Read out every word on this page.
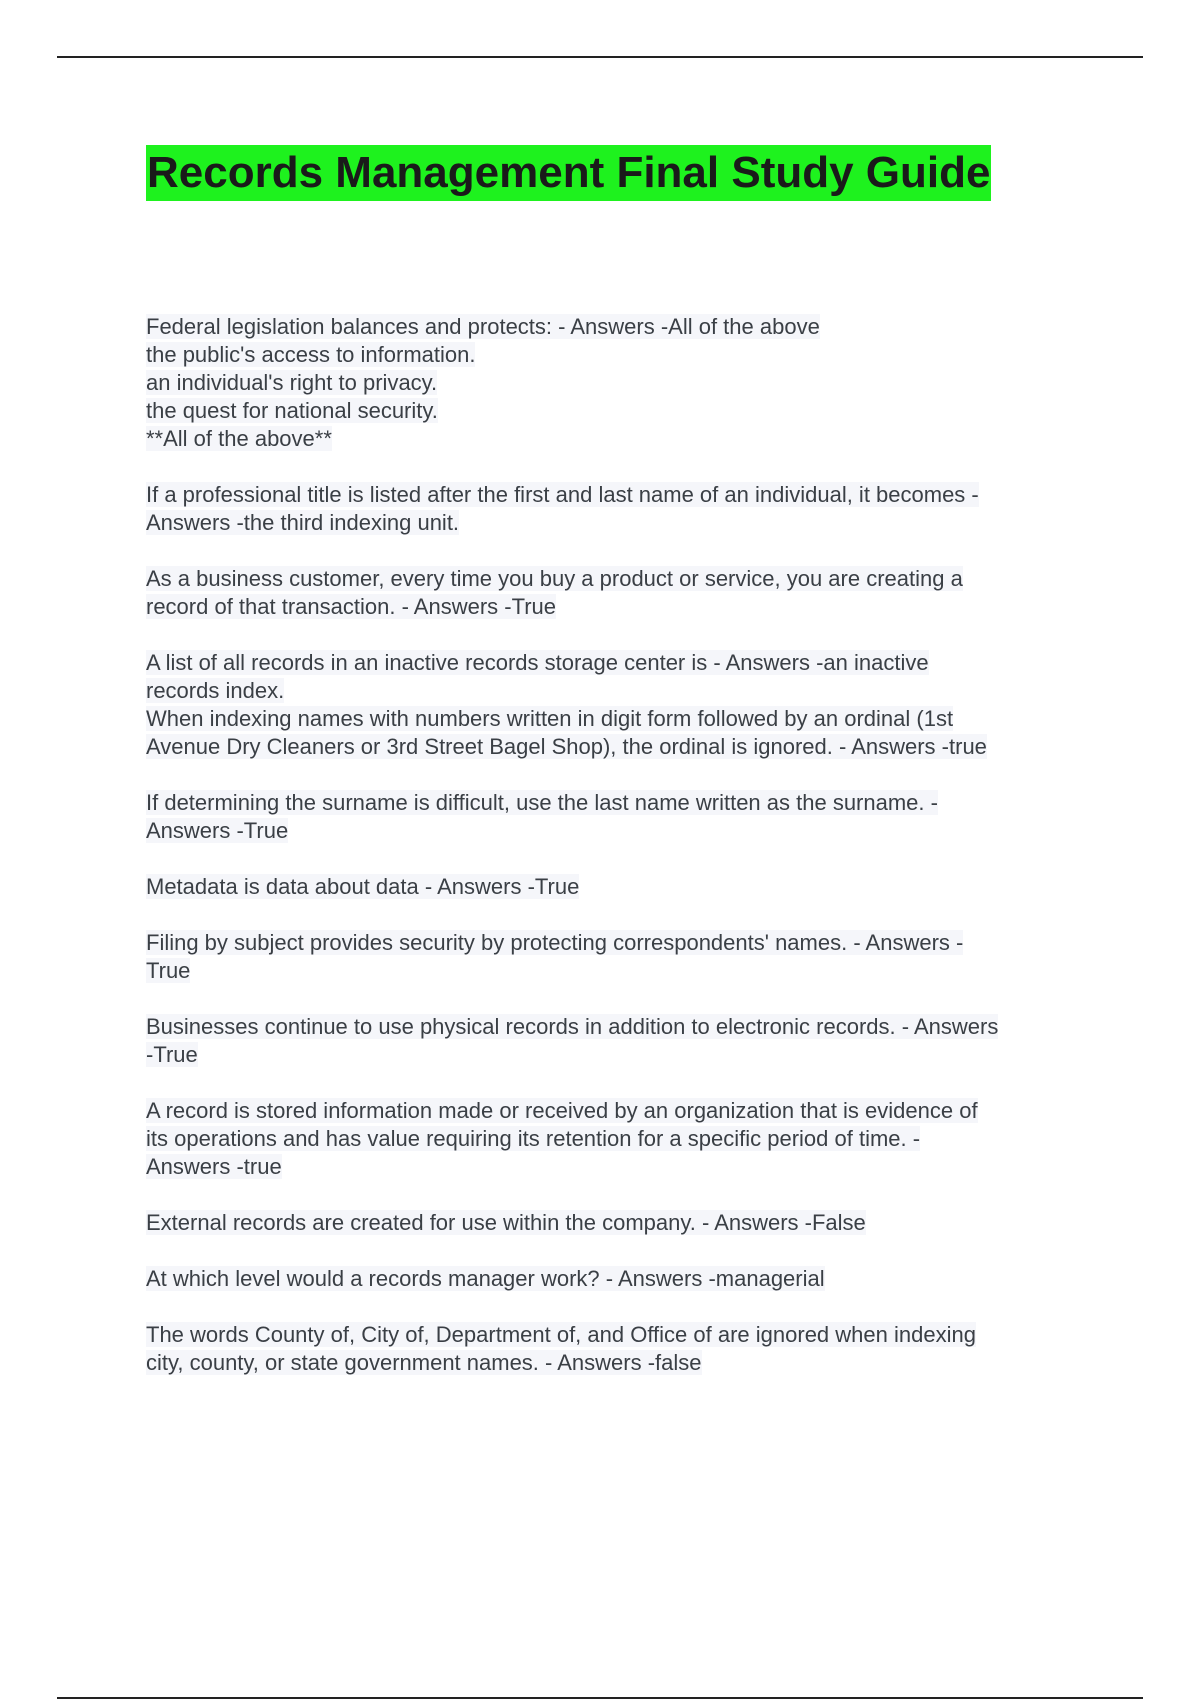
Records Management Final Study Guide
Federal legislation balances and protects: - Answers -All of the above
the public's access to information.
an individual's right to privacy.
the quest for national security.
**All of the above**
If a professional title is listed after the first and last name of an individual, it becomes -
Answers -the third indexing unit.
As a business customer, every time you buy a product or service, you are creating a
record of that transaction. - Answers -True
A list of all records in an inactive records storage center is - Answers -an inactive
records index.
When indexing names with numbers written in digit form followed by an ordinal (1st
Avenue Dry Cleaners or 3rd Street Bagel Shop), the ordinal is ignored. - Answers -true
If determining the surname is difficult, use the last name written as the surname. -
Answers -True
Metadata is data about data - Answers -True
Filing by subject provides security by protecting correspondents' names. - Answers -
True
Businesses continue to use physical records in addition to electronic records. - Answers
-True
A record is stored information made or received by an organization that is evidence of
its operations and has value requiring its retention for a specific period of time. -
Answers -true
External records are created for use within the company. - Answers -False
At which level would a records manager work? - Answers -managerial
The words County of, City of, Department of, and Office of are ignored when indexing
city, county, or state government names. - Answers -false
